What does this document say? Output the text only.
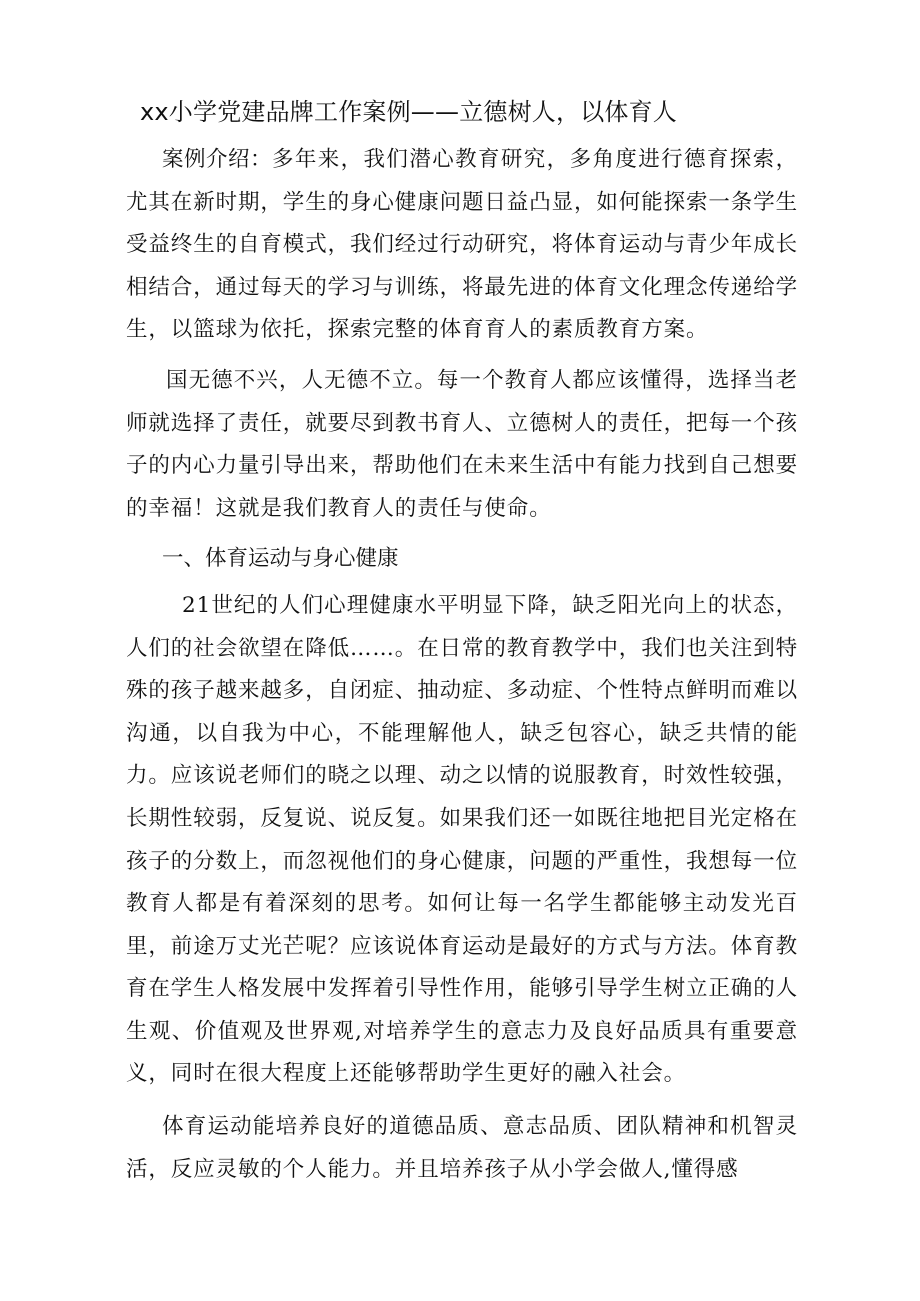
xx小学党建品牌工作案例——立德树人，以体育人

案例介绍：多年来，我们潜心教育研究，多角度进行德育探索，尤其在新时期，学生的身心健康问题日益凸显，如何能探索一条学生受益终生的自育模式，我们经过行动研究，将体育运动与青少年成长相结合，通过每天的学习与训练，将最先进的体育文化理念传递给学生，以篮球为依托，探索完整的体育育人的素质教育方案。

国无德不兴，人无德不立。每一个教育人都应该懂得，选择当老师就选择了责任，就要尽到教书育人、立德树人的责任，把每一个孩子的内心力量引导出来，帮助他们在未来生活中有能力找到自己想要的幸福！这就是我们教育人的责任与使命。

一、体育运动与身心健康

21世纪的人们心理健康水平明显下降，缺乏阳光向上的状态，人们的社会欲望在降低……。在日常的教育教学中，我们也关注到特殊的孩子越来越多，自闭症、抽动症、多动症、个性特点鲜明而难以沟通，以自我为中心，不能理解他人，缺乏包容心，缺乏共情的能力。应该说老师们的晓之以理、动之以情的说服教育，时效性较强，长期性较弱，反复说、说反复。如果我们还一如既往地把目光定格在孩子的分数上，而忽视他们的身心健康，问题的严重性，我想每一位教育人都是有着深刻的思考。如何让每一名学生都能够主动发光百里，前途万丈光芒呢？应该说体育运动是最好的方式与方法。体育教育在学生人格发展中发挥着引导性作用，能够引导学生树立正确的人生观、价值观及世界观,对培养学生的意志力及良好品质具有重要意义，同时在很大程度上还能够帮助学生更好的融入社会。

体育运动能培养良好的道德品质、意志品质、团队精神和机智灵活，反应灵敏的个人能力。并且培养孩子从小学会做人,懂得感
